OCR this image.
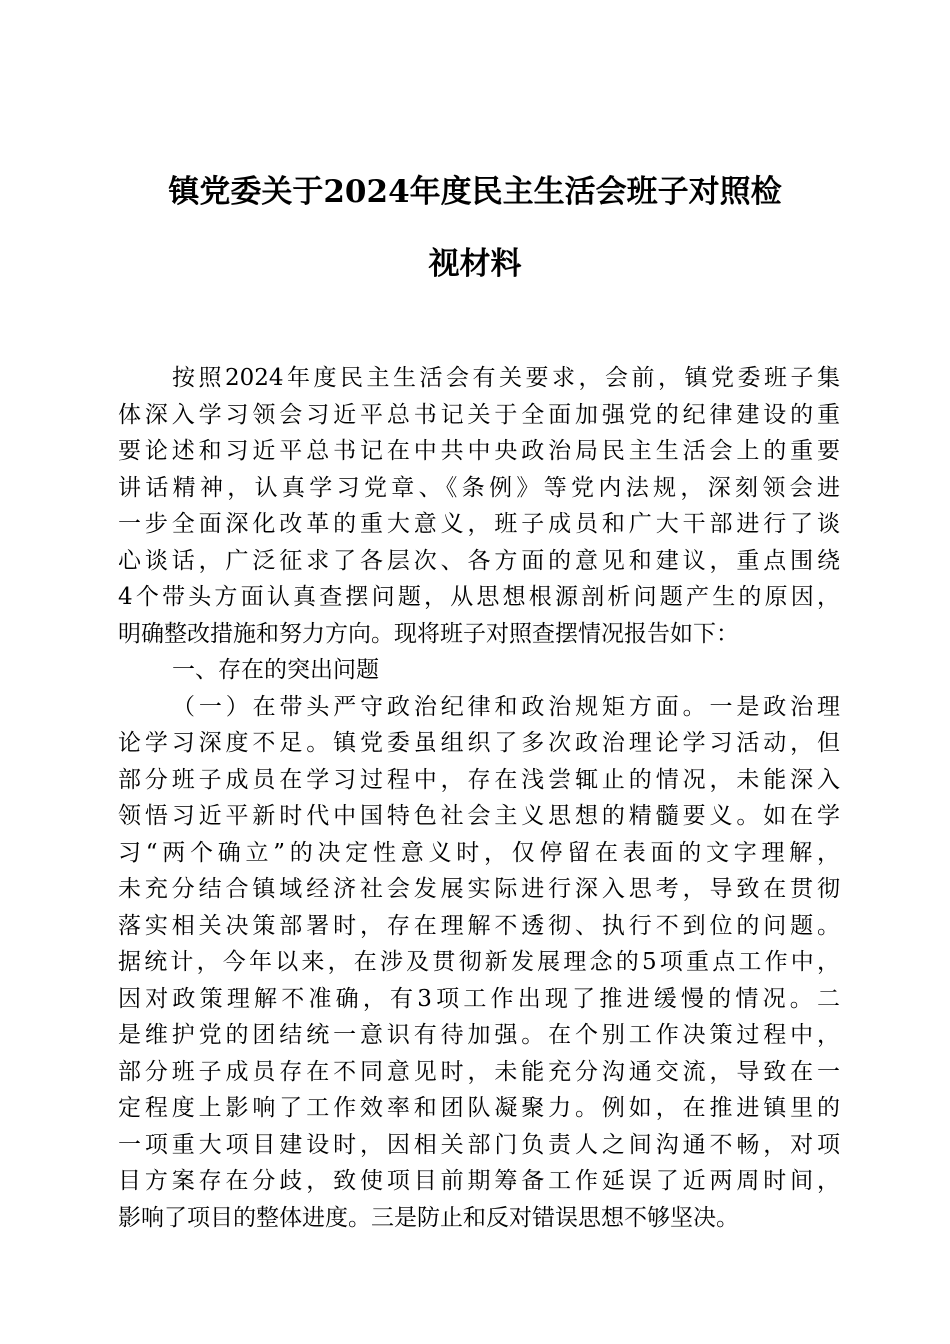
镇党委关于2024年度民主生活会班子对照检
视材料
按照2024年度民主生活会有关要求，会前，镇党委班子集
体深入学习领会习近平总书记关于全面加强党的纪律建设的重
要论述和习近平总书记在中共中央政治局民主生活会上的重要
讲话精神，认真学习党章、《条例》等党内法规，深刻领会进
一步全面深化改革的重大意义，班子成员和广大干部进行了谈
心谈话，广泛征求了各层次、各方面的意见和建议，重点围绕
4个带头方面认真查摆问题，从思想根源剖析问题产生的原因，
明确整改措施和努力方向。现将班子对照查摆情况报告如下：
一、存在的突出问题
（一）在带头严守政治纪律和政治规矩方面。一是政治理
论学习深度不足。镇党委虽组织了多次政治理论学习活动，但
部分班子成员在学习过程中，存在浅尝辄止的情况，未能深入
领悟习近平新时代中国特色社会主义思想的精髓要义。如在学
习“两个确立”的决定性意义时，仅停留在表面的文字理解，
未充分结合镇域经济社会发展实际进行深入思考，导致在贯彻
落实相关决策部署时，存在理解不透彻、执行不到位的问题。
据统计，今年以来，在涉及贯彻新发展理念的5项重点工作中，
因对政策理解不准确，有3项工作出现了推进缓慢的情况。二
是维护党的团结统一意识有待加强。在个别工作决策过程中，
部分班子成员存在不同意见时，未能充分沟通交流，导致在一
定程度上影响了工作效率和团队凝聚力。例如，在推进镇里的
一项重大项目建设时，因相关部门负责人之间沟通不畅，对项
目方案存在分歧，致使项目前期筹备工作延误了近两周时间，
影响了项目的整体进度。三是防止和反对错误思想不够坚决。
